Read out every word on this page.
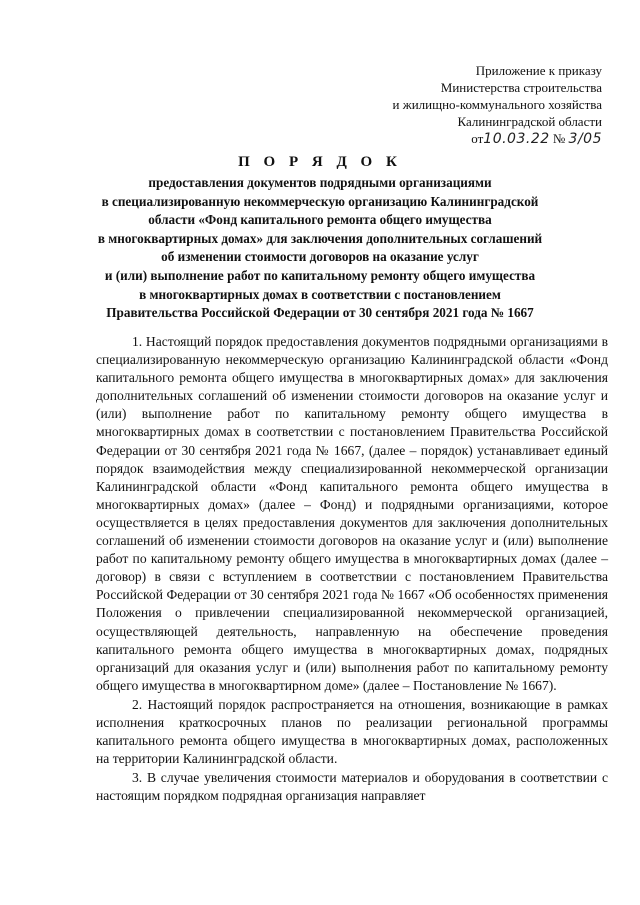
Приложение к приказу
Министерства строительства
и жилищно-коммунального хозяйства
Калининградской области
от10.03.22 № 3/05
П О Р Я Д О К
предоставления документов подрядными организациями
в специализированную некоммерческую организацию Калининградской
области «Фонд капитального ремонта общего имущества
в многоквартирных домах» для заключения дополнительных соглашений
об изменении стоимости договоров на оказание услуг
и (или) выполнение работ по капитальному ремонту общего имущества
в многоквартирных домах в соответствии с постановлением
Правительства Российской Федерации от 30 сентября 2021 года № 1667

1. Настоящий порядок предоставления документов подрядными организациями в специализированную некоммерческую организацию Калининградской области «Фонд капитального ремонта общего имущества в многоквартирных домах» для заключения дополнительных соглашений об изменении стоимости договоров на оказание услуг и (или) выполнение работ по капитальному ремонту общего имущества в многоквартирных домах в соответствии с постановлением Правительства Российской Федерации от 30 сентября 2021 года № 1667, (далее – порядок) устанавливает единый порядок взаимодействия между специализированной некоммерческой организации Калининградской области «Фонд капитального ремонта общего имущества в многоквартирных домах» (далее – Фонд) и подрядными организациями, которое осуществляется в целях предоставления документов для заключения дополнительных соглашений об изменении стоимости договоров на оказание услуг и (или) выполнение работ по капитальному ремонту общего имущества в многоквартирных домах (далее – договор) в связи с вступлением в соответствии с постановлением Правительства Российской Федерации от 30 сентября 2021 года № 1667 «Об особенностях применения Положения о привлечении специализированной некоммерческой организацией, осуществляющей деятельность, направленную на обеспечение проведения капитального ремонта общего имущества в многоквартирных домах, подрядных организаций для оказания услуг и (или) выполнения работ по капитальному ремонту общего имущества в многоквартирном доме» (далее – Постановление № 1667).

2. Настоящий порядок распространяется на отношения, возникающие в рамках исполнения краткосрочных планов по реализации региональной программы капитального ремонта общего имущества в многоквартирных домах, расположенных на территории Калининградской области.

3. В случае увеличения стоимости материалов и оборудования в соответствии с настоящим порядком подрядная организация направляет
